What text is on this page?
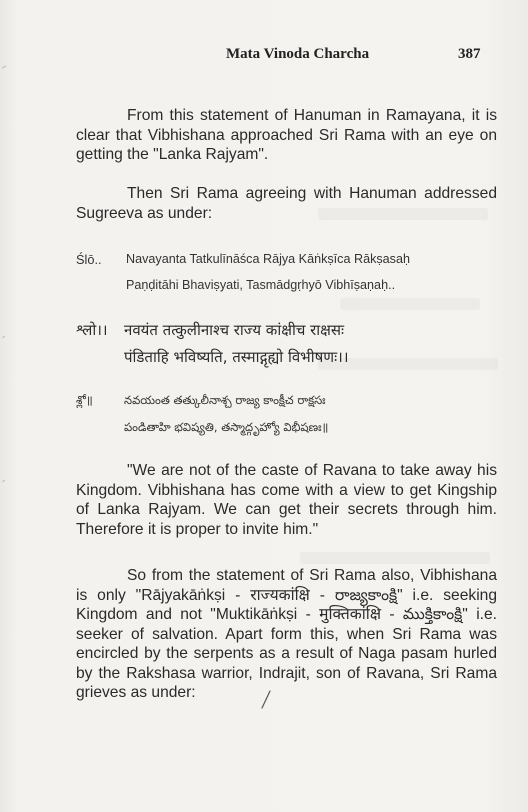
Mata Vinoda Charcha	387

From this statement of Hanuman in Ramayana, it is clear that Vibhishana approached Sri Rama with an eye on getting the "Lanka Rajyam".

Then Sri Rama agreeing with Hanuman addressed Sugreeva as under:

Ślō.. Navayanta Tatkulīnāśca Rājya Kāṅkṣīca Rākṣasaḥ
Paṇḍitāhi Bhaviṣyati, Tasmādgṛhyō Vibhīṣaṇaḥ..
श्लो।। नवयंत तत्कुलीनाश्च राज्य कांक्षीच राक्षसः
पंडिताहि भविष्यति, तस्माद्गृह्यो विभीषणः।।
శ్లో॥	నవయంత తత్కులీనాశ్చ రాజ్య కాంక్షీచ రాక్షసః
పండితాహి భవిష్యతి, తస్మాద్గృహ్యో విభీషణః॥

"We are not of the caste of Ravana to take away his Kingdom. Vibhishana has come with a view to get Kingship of Lanka Rajyam. We can get their secrets through him. Therefore it is proper to invite him."

So from the statement of Sri Rama also, Vibhishana is only "Rājyakāṅkṣi - राज्यकांक्षि - రాజ్యకాంక్షి" i.e. seeking Kingdom and not "Muktikāṅkṣi - मुक्तिकांक्षि - ముక్తికాంక్షి" i.e. seeker of salvation. Apart form this, when Sri Rama was encircled by the serpents as a result of Naga pasam hurled by the Rakshasa warrior, Indrajit, son of Ravana, Sri Rama grieves as under:
